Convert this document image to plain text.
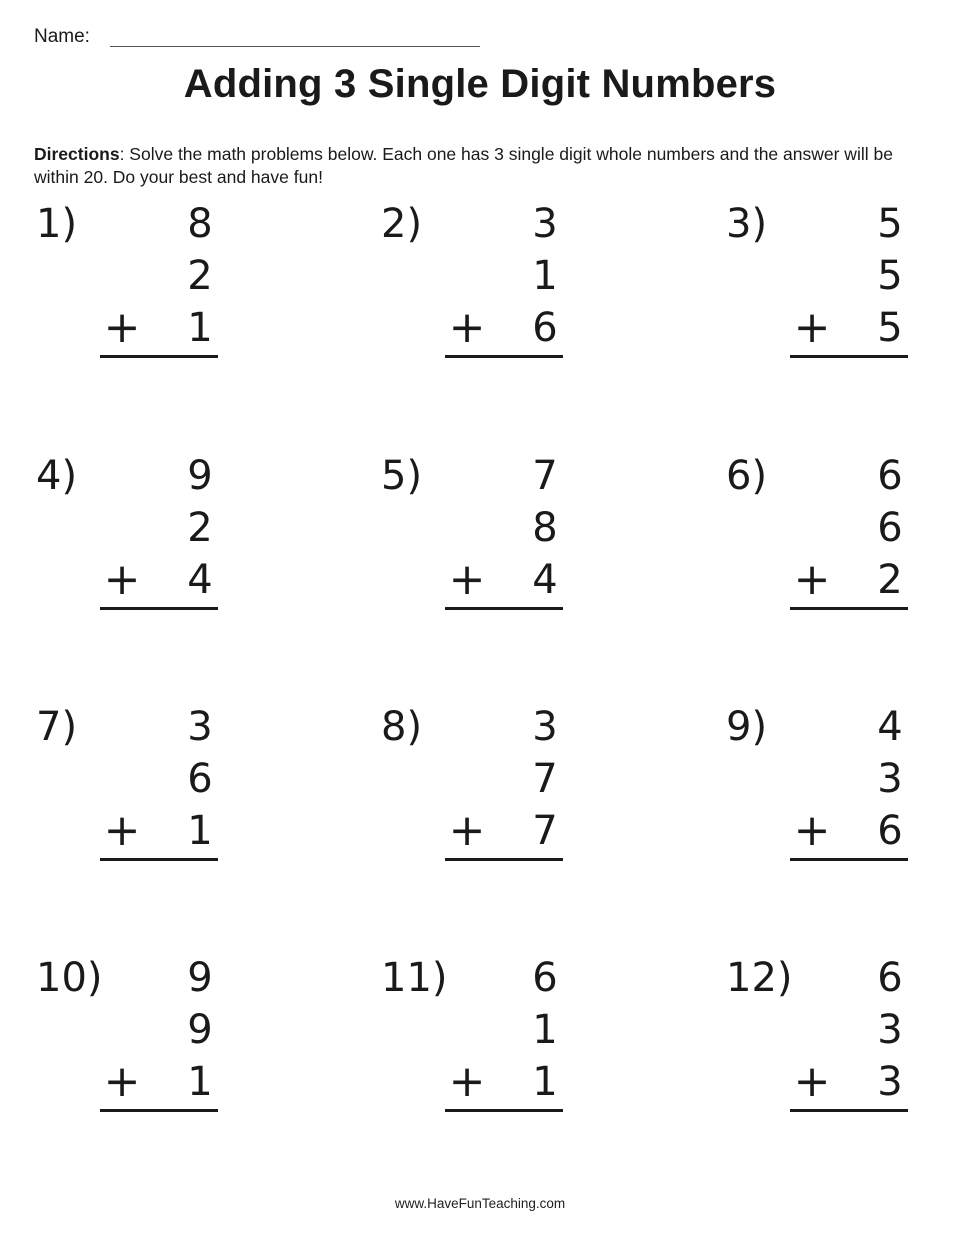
Name:
Adding 3 Single Digit Numbers
Directions: Solve the math problems below. Each one has 3 single digit whole numbers and the answer will be within 20. Do your best and have fun!
1)	8
2
1
+
2)	3
1
6
+
3)	5
5
5
+
4)	9
2
4
+
5)	7
8
4
+
6)	6
6
2
+
7)	3
6
1
+
8)	3
7
7
+
9)	4
3
6
+
10) 9
9
1
+
11) 6
1
1
+
12) 6
3
3
+
www.HaveFunTeaching.com
